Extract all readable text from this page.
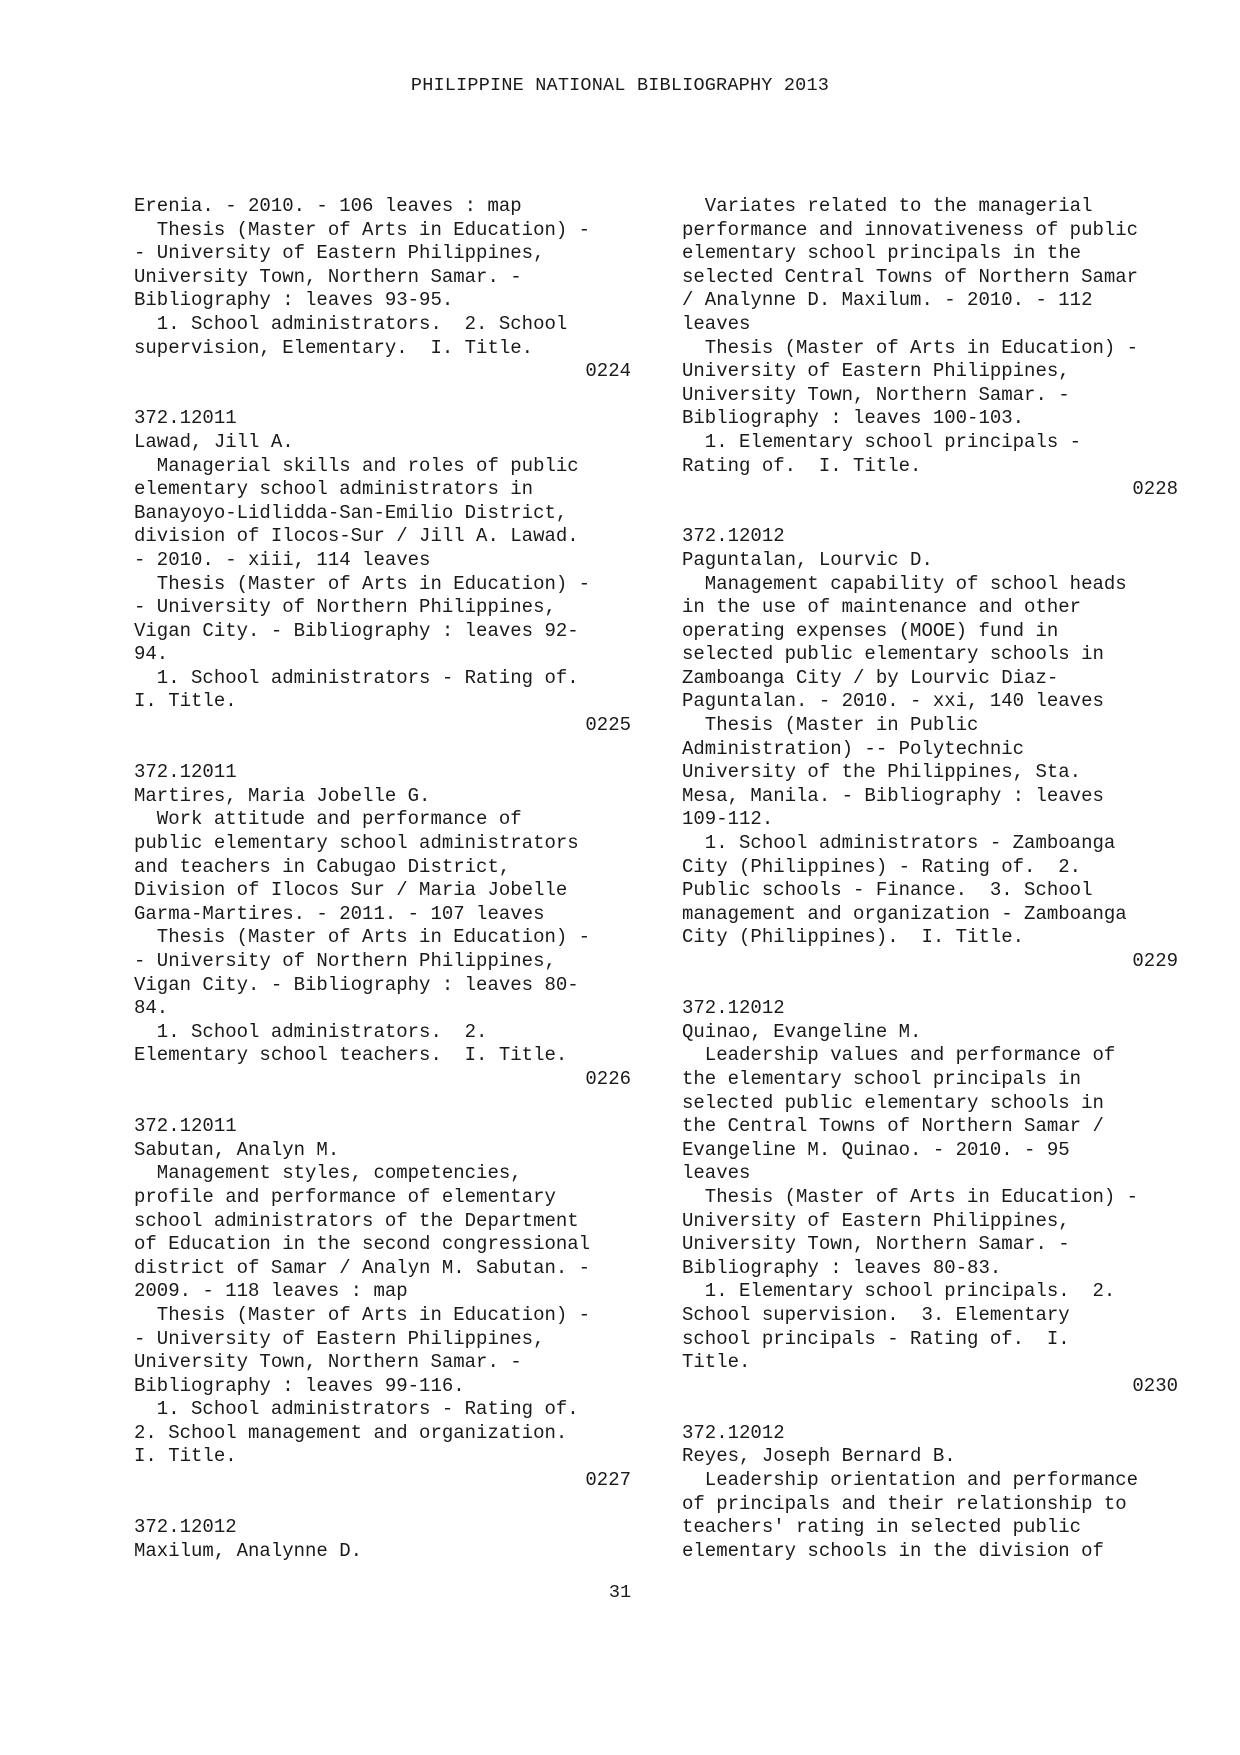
PHILIPPINE NATIONAL BIBLIOGRAPHY 2013
Erenia. - 2010. - 106 leaves : map
Thesis (Master of Arts in Education) -
- University of Eastern Philippines,
University Town, Northern Samar. -
Bibliography : leaves 93-95.
1. School administrators.  2. School
supervision, Elementary.  I. Title.
0224
372.12011
Lawad, Jill A.
Managerial skills and roles of public
elementary school administrators in
Banayoyo-Lidlidda-San-Emilio District,
division of Ilocos-Sur / Jill A. Lawad.
- 2010. - xiii, 114 leaves
Thesis (Master of Arts in Education) -
- University of Northern Philippines,
Vigan City. - Bibliography : leaves 92-
94.
1. School administrators - Rating of.
I. Title.
0225
372.12011
Martires, Maria Jobelle G.
Work attitude and performance of
public elementary school administrators
and teachers in Cabugao District,
Division of Ilocos Sur / Maria Jobelle
Garma-Martires. - 2011. - 107 leaves
Thesis (Master of Arts in Education) -
- University of Northern Philippines,
Vigan City. - Bibliography : leaves 80-
84.
1. School administrators.  2.
Elementary school teachers.  I. Title.
0226
372.12011
Sabutan, Analyn M.
Management styles, competencies,
profile and performance of elementary
school administrators of the Department
of Education in the second congressional
district of Samar / Analyn M. Sabutan. -
2009. - 118 leaves : map
Thesis (Master of Arts in Education) -
- University of Eastern Philippines,
University Town, Northern Samar. -
Bibliography : leaves 99-116.
1. School administrators - Rating of.
2. School management and organization.
I. Title.
0227
372.12012
Maxilum, Analynne D.
Variates related to the managerial
performance and innovativeness of public
elementary school principals in the
selected Central Towns of Northern Samar
/ Analynne D. Maxilum. - 2010. - 112
leaves
Thesis (Master of Arts in Education) -
University of Eastern Philippines,
University Town, Northern Samar. -
Bibliography : leaves 100-103.
1. Elementary school principals -
Rating of.  I. Title.
0228
372.12012
Paguntalan, Lourvic D.
Management capability of school heads
in the use of maintenance and other
operating expenses (MOOE) fund in
selected public elementary schools in
Zamboanga City / by Lourvic Diaz-
Paguntalan. - 2010. - xxi, 140 leaves
Thesis (Master in Public
Administration) -- Polytechnic
University of the Philippines, Sta.
Mesa, Manila. - Bibliography : leaves
109-112.
1. School administrators - Zamboanga
City (Philippines) - Rating of.  2.
Public schools - Finance.  3. School
management and organization - Zamboanga
City (Philippines).  I. Title.
0229
372.12012
Quinao, Evangeline M.
Leadership values and performance of
the elementary school principals in
selected public elementary schools in
the Central Towns of Northern Samar /
Evangeline M. Quinao. - 2010. - 95
leaves
Thesis (Master of Arts in Education) -
University of Eastern Philippines,
University Town, Northern Samar. -
Bibliography : leaves 80-83.
1. Elementary school principals.  2.
School supervision.  3. Elementary
school principals - Rating of.  I.
Title.
0230
372.12012
Reyes, Joseph Bernard B.
Leadership orientation and performance
of principals and their relationship to
teachers' rating in selected public
elementary schools in the division of
31
